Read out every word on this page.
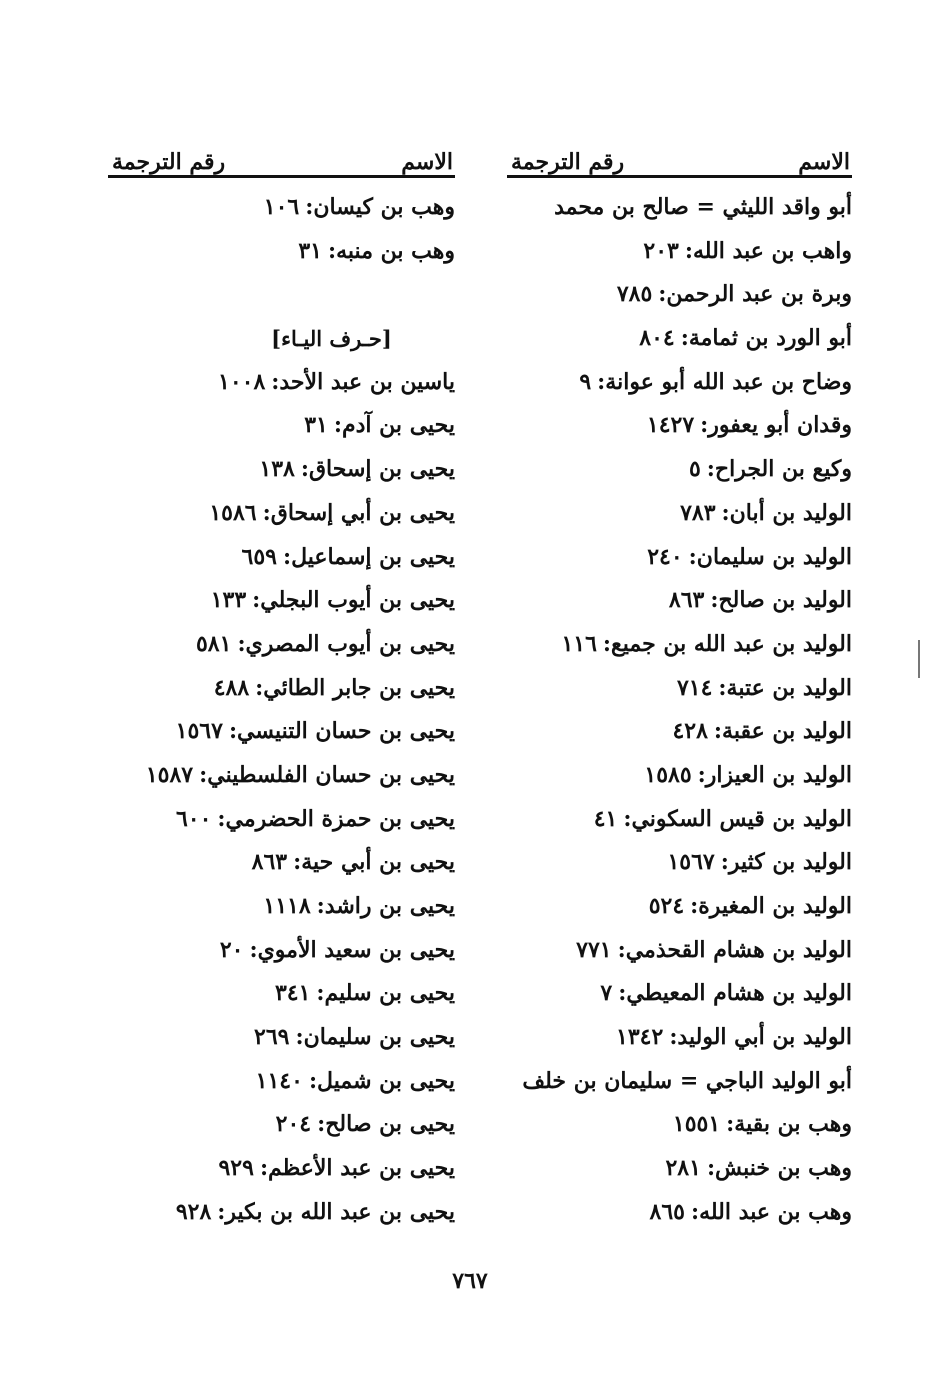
الاسم
رقم الترجمة
أبو واقد الليثي = صالح بن محمد
واهب بن عبد الله:٢٠٣
وبرة بن عبد الرحمن:٧٨٥
أبو الورد بن ثمامة:٨٠٤
وضاح بن عبد الله أبو عوانة:٩
وقدان أبو يعفور:١٤٢٧
وكيع بن الجراح:٥
الوليد بن أبان:٧٨٣
الوليد بن سليمان:٢٤٠
الوليد بن صالح:٨٦٣
الوليد بن عبد الله بن جميع:١١٦
الوليد بن عتبة:٧١٤
الوليد بن عقبة:٤٢٨
الوليد بن العيزار:١٥٨٥
الوليد بن قيس السكوني:٤١
الوليد بن كثير:١٥٦٧
الوليد بن المغيرة:٥٢٤
الوليد بن هشام القحذمي:٧٧١
الوليد بن هشام المعيطي:٧
الوليد بن أبي الوليد:١٣٤٢
أبو الوليد الباجي = سليمان بن خلف
وهب بن بقية:١٥٥١
وهب بن خنبش:٢٨١
وهب بن عبد الله:٨٦٥
الاسم
رقم الترجمة
وهب بن كيسان:١٠٦
وهب بن منبه:٣١
[حـرف اليـاء]
ياسين بن عبد الأحد:١٠٠٨
يحيى بن آدم:٣١
يحيى بن إسحاق:١٣٨
يحيى بن أبي إسحاق:١٥٨٦
يحيى بن إسماعيل:٦٥٩
يحيى بن أيوب البجلي:١٣٣
يحيى بن أيوب المصري:٥٨١
يحيى بن جابر الطائي:٤٨٨
يحيى بن حسان التنيسي:١٥٦٧
يحيى بن حسان الفلسطيني:١٥٨٧
يحيى بن حمزة الحضرمي:٦٠٠
يحيى بن أبي حية:٨٦٣
يحيى بن راشد:١١١٨
يحيى بن سعيد الأموي:٢٠
يحيى بن سليم:٣٤١
يحيى بن سليمان:٢٦٩
يحيى بن شميل:١١٤٠
يحيى بن صالح:٢٠٤
يحيى بن عبد الأعظم:٩٢٩
يحيى بن عبد الله بن بكير:٩٢٨
٧٦٧
